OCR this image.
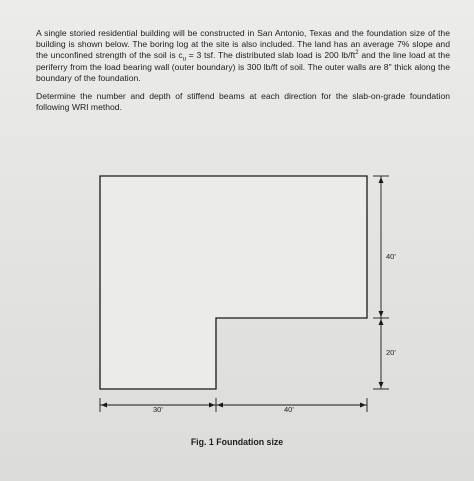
A single storied residential building will be constructed in San Antonio, Texas and the foundation size of the building is shown below. The boring log at the site is also included. The land has an average 7% slope and the unconfined strength of the soil is $c_u = 3$ tsf. The distributed slab load is 200 $lb/ft^2$ and the line load at the periferry from the load bearing wall (outer boundary) is 300 lb/ft of soil. The outer walls are 8" thick along the boundary of the foundation.

Determine the number and depth of stiffend beams at each direction for the slab-on-grade foundation following WRI method.

40'
20'
30'	40'
Fig. 1 Foundation size
